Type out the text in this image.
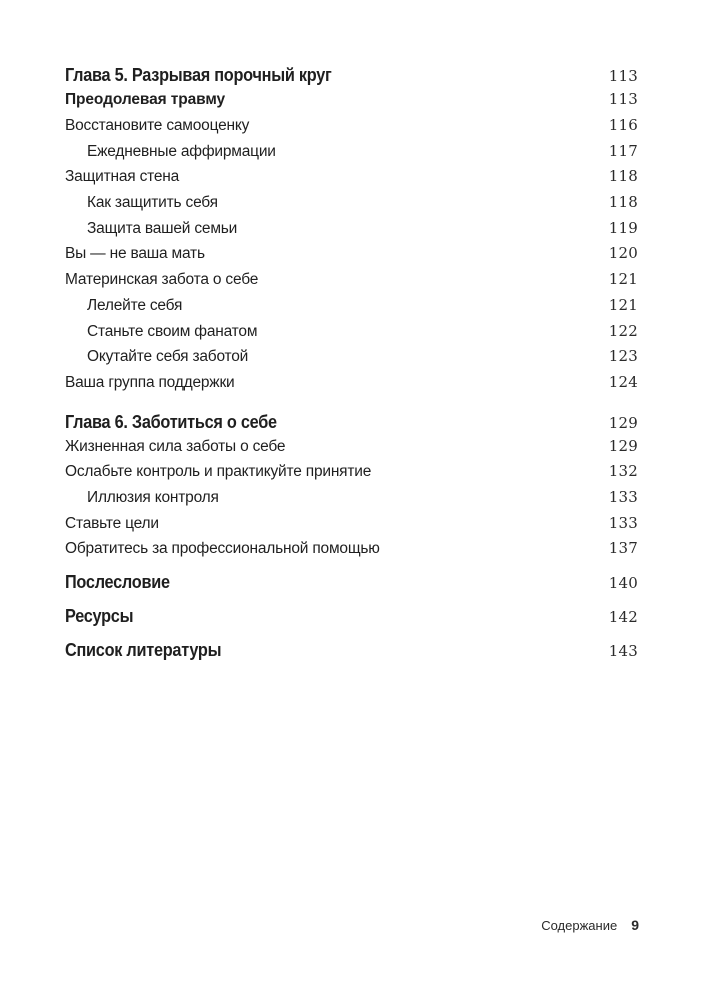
Глава 5. Разрывая порочный круг	113
Преодолевая травму	113
Восстановите самооценку	116
Ежедневные аффирмации	117
Защитная стена	118
Как защитить себя	118
Защита вашей семьи	119
Вы — не ваша мать	120
Материнская забота о себе	121
Лелейте себя	121
Станьте своим фанатом	122
Окутайте себя заботой	123
Ваша группа поддержки	124
Глава 6. Заботиться о себе	129
Жизненная сила заботы о себе	129
Ослабьте контроль и практикуйте принятие	132
Иллюзия контроля	133
Ставьте цели	133
Обратитесь за профессиональной помощью	137
Послесловие	140
Ресурсы	142
Список литературы	143
Содержание 9
